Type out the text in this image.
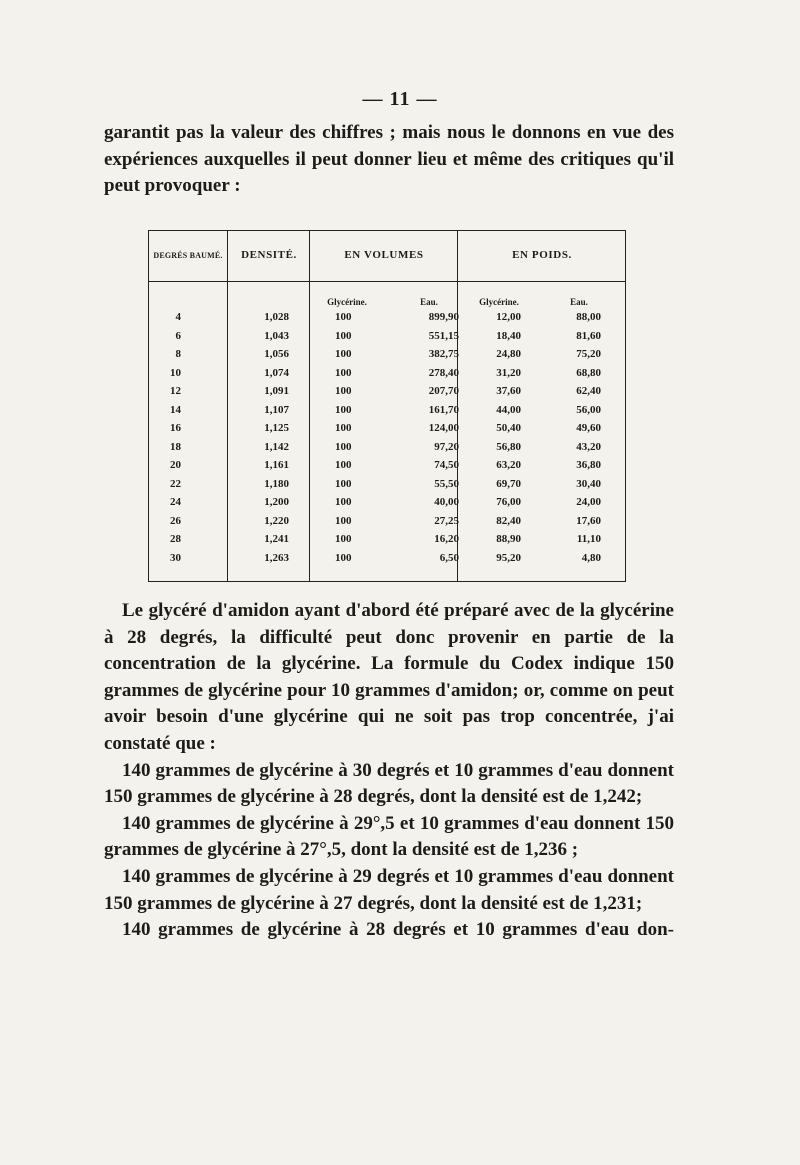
— 11 —

garantit pas la valeur des chiffres ; mais nous le donnons en vue des expériences auxquelles il peut donner lieu et même des critiques qu'il peut provoquer :

DEGRÉS BAUMÉ.	DENSITÉ.	EN VOLUMES	EN POIDS.
Glycérine.	Eau.	Glycérine.	Eau.
4	1,028	100	899,90	12,00	88,00
6	1,043	100	551,15	18,40	81,60
8	1,056	100	382,75	24,80	75,20
10	1,074	100	278,40	31,20	68,80
12	1,091	100	207,70	37,60	62,40
14	1,107	100	161,70	44,00	56,00
16	1,125	100	124,00	50,40	49,60
18	1,142	100	97,20	56,80	43,20
20	1,161	100	74,50	63,20	36,80
22	1,180	100	55,50	69,70	30,40
24	1,200	100	40,00	76,00	24,00
26	1,220	100	27,25	82,40	17,60
28	1,241	100	16,20	88,90	11,10
30	1,263	100	6,50	95,20	4,80

Le glycéré d'amidon ayant d'abord été préparé avec de la glycérine à 28 degrés, la difficulté peut donc provenir en partie de la concentration de la glycérine. La formule du Codex indique 150 grammes de glycérine pour 10 grammes d'amidon; or, comme on peut avoir besoin d'une glycérine qui ne soit pas trop concentrée, j'ai constaté que :

140 grammes de glycérine à 30 degrés et 10 grammes d'eau donnent 150 grammes de glycérine à 28 degrés, dont la densité est de 1,242;

140 grammes de glycérine à 29°,5 et 10 grammes d'eau donnent 150 grammes de glycérine à 27°,5, dont la densité est de 1,236 ;

140 grammes de glycérine à 29 degrés et 10 grammes d'eau donnent 150 grammes de glycérine à 27 degrés, dont la densité est de 1,231;

140 grammes de glycérine à 28 degrés et 10 grammes d'eau don-
